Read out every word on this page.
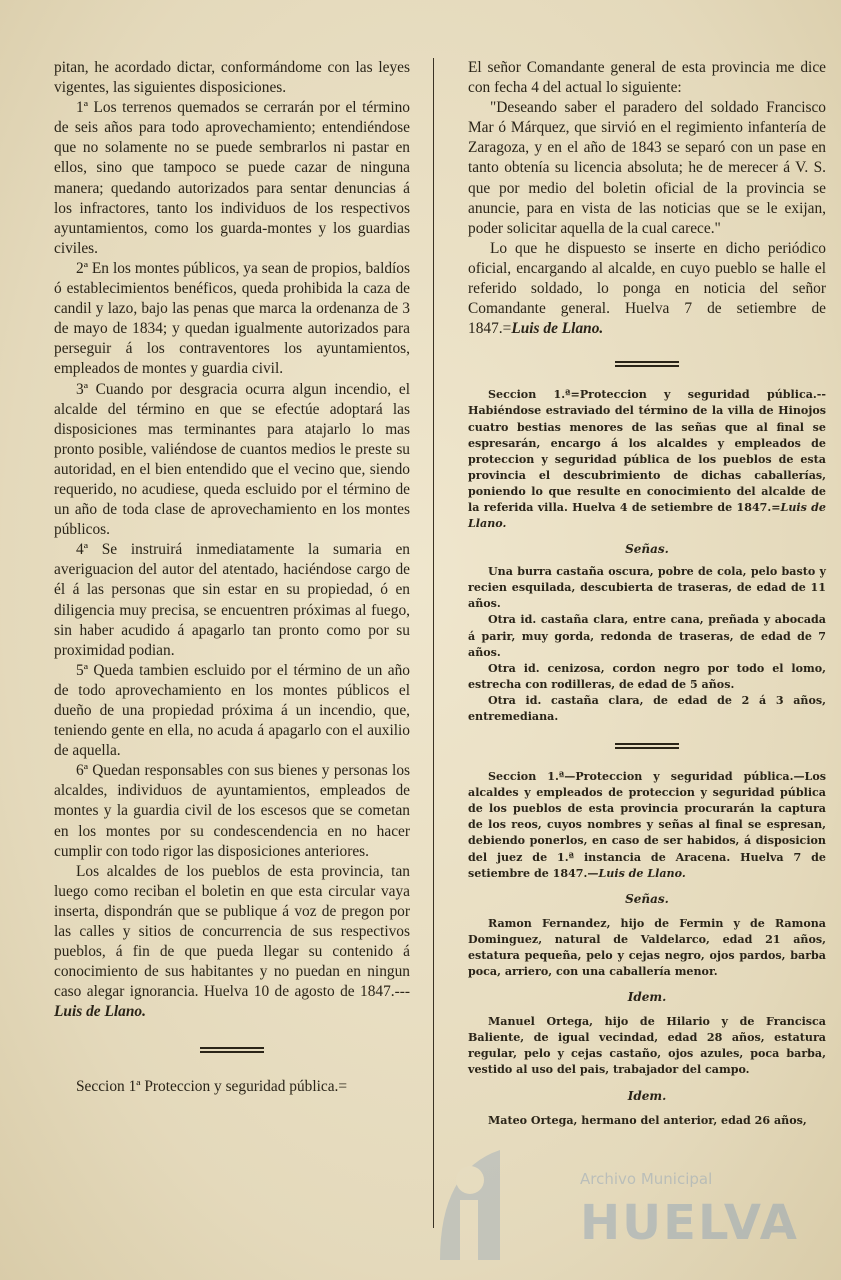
pitan, he acordado dictar, conformándome con las leyes vigentes, las siguientes disposiciones.

1ª Los terrenos quemados se cerrarán por el término de seis años para todo aprovechamiento; entendiéndose que no solamente no se puede sembrarlos ni pastar en ellos, sino que tampoco se puede cazar de ninguna manera; quedando autorizados para sentar denuncias á los infractores, tanto los individuos de los respectivos ayuntamientos, como los guarda-montes y los guardias civiles.

2ª En los montes públicos, ya sean de propios, baldíos ó establecimientos benéficos, queda prohibida la caza de candil y lazo, bajo las penas que marca la ordenanza de 3 de mayo de 1834; y quedan igualmente autorizados para perseguir á los contraventores los ayuntamientos, empleados de montes y guardia civil.

3ª Cuando por desgracia ocurra algun incendio, el alcalde del término en que se efectúe adoptará las disposiciones mas terminantes para atajarlo lo mas pronto posible, valiéndose de cuantos medios le preste su autoridad, en el bien entendido que el vecino que, siendo requerido, no acudiese, queda escluido por el término de un año de toda clase de aprovechamiento en los montes públicos.

4ª Se instruirá inmediatamente la sumaria en averiguacion del autor del atentado, haciéndose cargo de él á las personas que sin estar en su propiedad, ó en diligencia muy precisa, se encuentren próximas al fuego, sin haber acudido á apagarlo tan pronto como por su proximidad podian.

5ª Queda tambien escluido por el término de un año de todo aprovechamiento en los montes públicos el dueño de una propiedad próxima á un incendio, que, teniendo gente en ella, no acuda á apagarlo con el auxilio de aquella.

6ª Quedan responsables con sus bienes y personas los alcaldes, individuos de ayuntamientos, empleados de montes y la guardia civil de los escesos que se cometan en los montes por su condescendencia en no hacer cumplir con todo rigor las disposiciones anteriores.

Los alcaldes de los pueblos de esta provincia, tan luego como reciban el boletin en que esta circular vaya inserta, dispondrán que se publique á voz de pregon por las calles y sitios de concurrencia de sus respectivos pueblos, á fin de que pueda llegar su contenido á conocimiento de sus habitantes y no puedan en ningun caso alegar ignorancia. Huelva 10 de agosto de 1847.---Luis de Llano.

Seccion 1ª Proteccion y seguridad pública.=

El señor Comandante general de esta provincia me dice con fecha 4 del actual lo siguiente:

"Deseando saber el paradero del soldado Francisco Mar ó Márquez, que sirvió en el regimiento infantería de Zaragoza, y en el año de 1843 se separó con un pase en tanto obtenía su licencia absoluta; he de merecer á V. S. que por medio del boletin oficial de la provincia se anuncie, para en vista de las noticias que se le exijan, poder solicitar aquella de la cual carece."

Lo que he dispuesto se inserte en dicho periódico oficial, encargando al alcalde, en cuyo pueblo se halle el referido soldado, lo ponga en noticia del señor Comandante general. Huelva 7 de setiembre de 1847.=Luis de Llano.

Seccion 1.ª=Proteccion y seguridad pública.--Habiéndose estraviado del término de la villa de Hinojos cuatro bestias menores de las señas que al final se espresarán, encargo á los alcaldes y empleados de proteccion y seguridad pública de los pueblos de esta provincia el descubrimiento de dichas caballerías, poniendo lo que resulte en conocimiento del alcalde de la referida villa. Huelva 4 de setiembre de 1847.=Luis de Llano.

Señas.

Una burra castaña oscura, pobre de cola, pelo basto y recien esquilada, descubierta de traseras, de edad de 11 años.

Otra id. castaña clara, entre cana, preñada y abocada á parir, muy gorda, redonda de traseras, de edad de 7 años.

Otra id. cenizosa, cordon negro por todo el lomo, estrecha con rodilleras, de edad de 5 años.

Otra id. castaña clara, de edad de 2 á 3 años, entremediana.

Seccion 1.ª—Proteccion y seguridad pública.—Los alcaldes y empleados de proteccion y seguridad pública de los pueblos de esta provincia procurarán la captura de los reos, cuyos nombres y señas al final se espresan, debiendo ponerlos, en caso de ser habidos, á disposicion del juez de 1.ª instancia de Aracena. Huelva 7 de setiembre de 1847.—Luis de Llano.

Señas.

Ramon Fernandez, hijo de Fermin y de Ramona Dominguez, natural de Valdelarco, edad 21 años, estatura pequeña, pelo y cejas negro, ojos pardos, barba poca, arriero, con una caballería menor.

Idem.

Manuel Ortega, hijo de Hilario y de Francisca Baliente, de igual vecindad, edad 28 años, estatura regular, pelo y cejas castaño, ojos azules, poca barba, vestido al uso del pais, trabajador del campo.

Idem.

Mateo Ortega, hermano del anterior, edad 26 años,

Archivo Municipal
HUELVA
